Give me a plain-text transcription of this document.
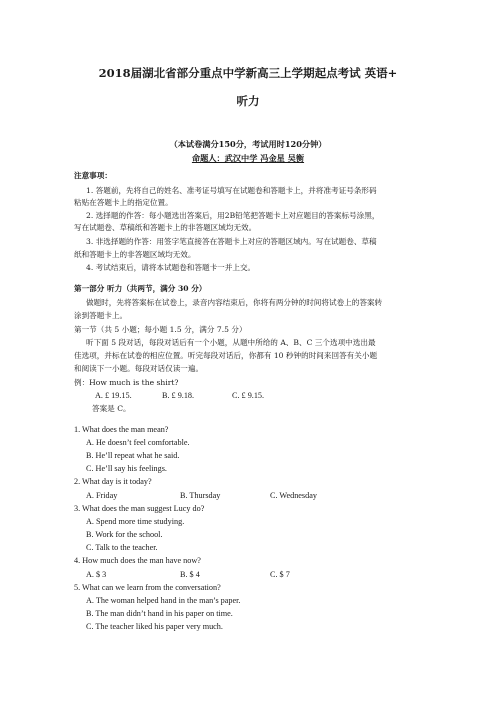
2018届湖北省部分重点中学新高三上学期起点考试 英语+
听力
（本试卷满分150分，考试用时120分钟）
命题人：武汉中学 冯金星 吴衡
注意事项：
1. 答题前，先将自己的姓名、准考证号填写在试题卷和答题卡上，并将准考证号条形码
粘贴在答题卡上的指定位置。
2. 选择题的作答：每小题选出答案后，用2B铅笔把答题卡上对应题目的答案标号涂黑，
写在试题卷、草稿纸和答题卡上的非答题区域均无效。
3. 非选择题的作答：用签字笔直接答在答题卡上对应的答题区域内。写在试题卷、草稿
纸和答题卡上的非答题区域均无效。
4. 考试结束后，请将本试题卷和答题卡一并上交。
第一部分 听力（共两节，满分 30 分）
做题时，先将答案标在试卷上，录音内容结束后，你将有两分钟的时间将试卷上的答案转
涂到答题卡上。
第一节（共 5 小题；每小题 1.5 分，满分 7.5 分）
听下面 5 段对话，每段对话后有一个小题，从题中所给的 A、B、C 三个选项中选出最
佳选项，并标在试卷的相应位置。听完每段对话后，你都有 10 秒钟的时间来回答有关小题
和阅读下一小题。每段对话仅读一遍。
例：How much is the shirt?
A. £ 19.15.	B. £ 9.18.	C. £ 9.15.
答案是 C。
1. What does the man mean?
A. He doesn’t feel comfortable.
B. He’ll repeat what he said.
C. He’ll say his feelings.
2. What day is it today?
A. Friday	B. Thursday	C. Wednesday
3. What does the man suggest Lucy do?
A. Spend more time studying.
B. Work for the school.
C. Talk to the teacher.
4. How much does the man have now?
A. $ 3	B. $ 4	C. $ 7
5. What can we learn from the conversation?
A. The woman helped hand in the man’s paper.
B. The man didn’t hand in his paper on time.
C. The teacher liked his paper very much.
